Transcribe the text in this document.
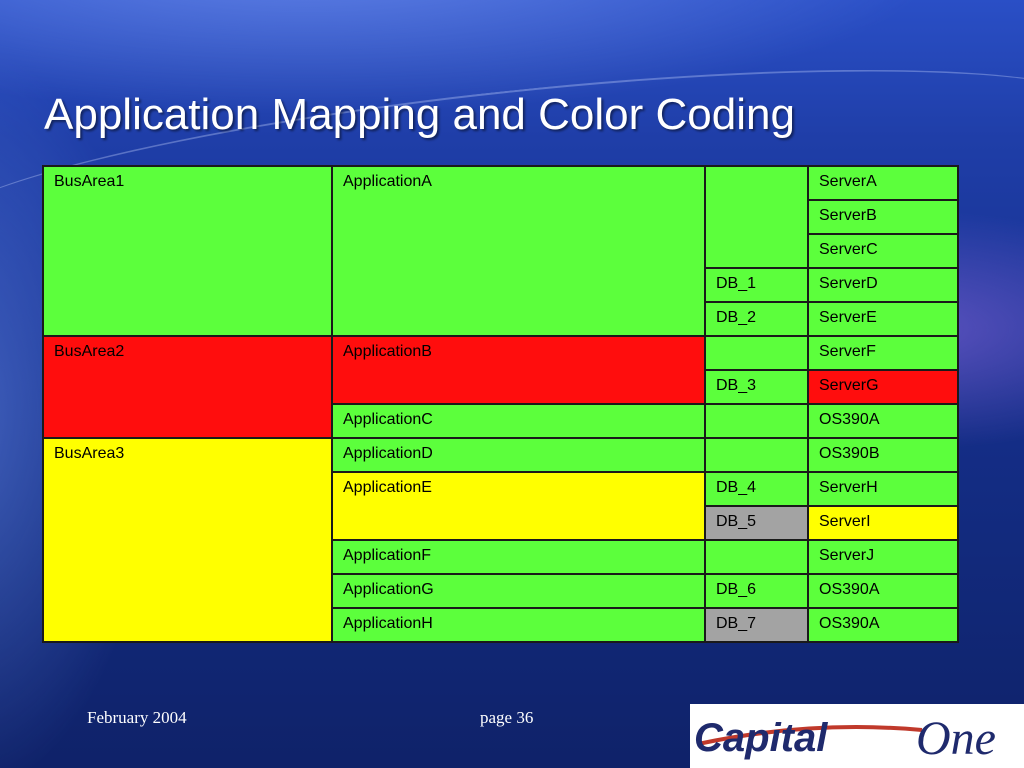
Application Mapping and Color Coding
BusArea1	ApplicationA		ServerA
			ServerB
			ServerC
		DB_1	ServerD
		DB_2	ServerE
BusArea2	ApplicationB		ServerF
		DB_3	ServerG
	ApplicationC		OS390A
BusArea3	ApplicationD		OS390B
	ApplicationE	DB_4	ServerH
		DB_5	ServerI
	ApplicationF		ServerJ
	ApplicationG	DB_6	OS390A
	ApplicationH	DB_7	OS390A
February 2004	page 36	Capital One
